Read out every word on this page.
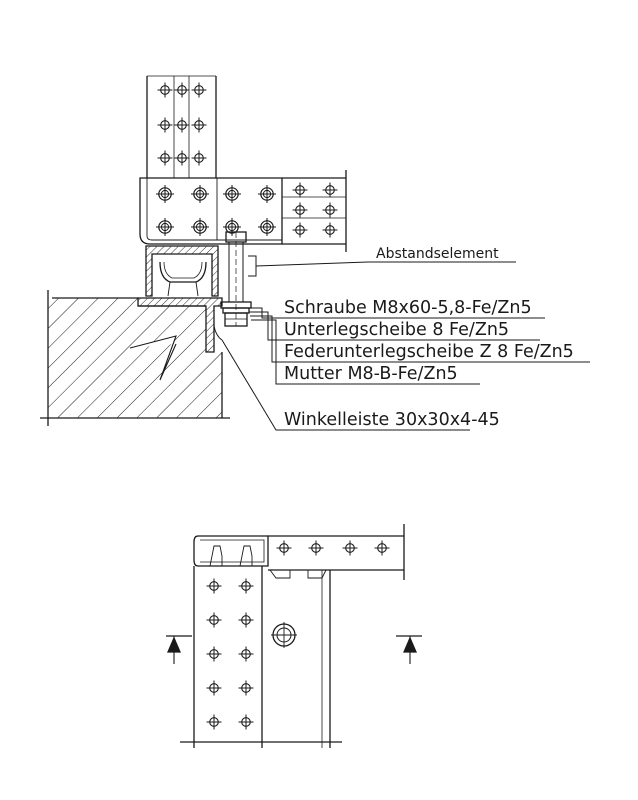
Abstandselement
Schraube M8x60-5,8-Fe/Zn5
Unterlegscheibe 8 Fe/Zn5
Federunterlegscheibe Z 8 Fe/Zn5
Mutter M8-B-Fe/Zn5
Winkelleiste 30x30x4-45
